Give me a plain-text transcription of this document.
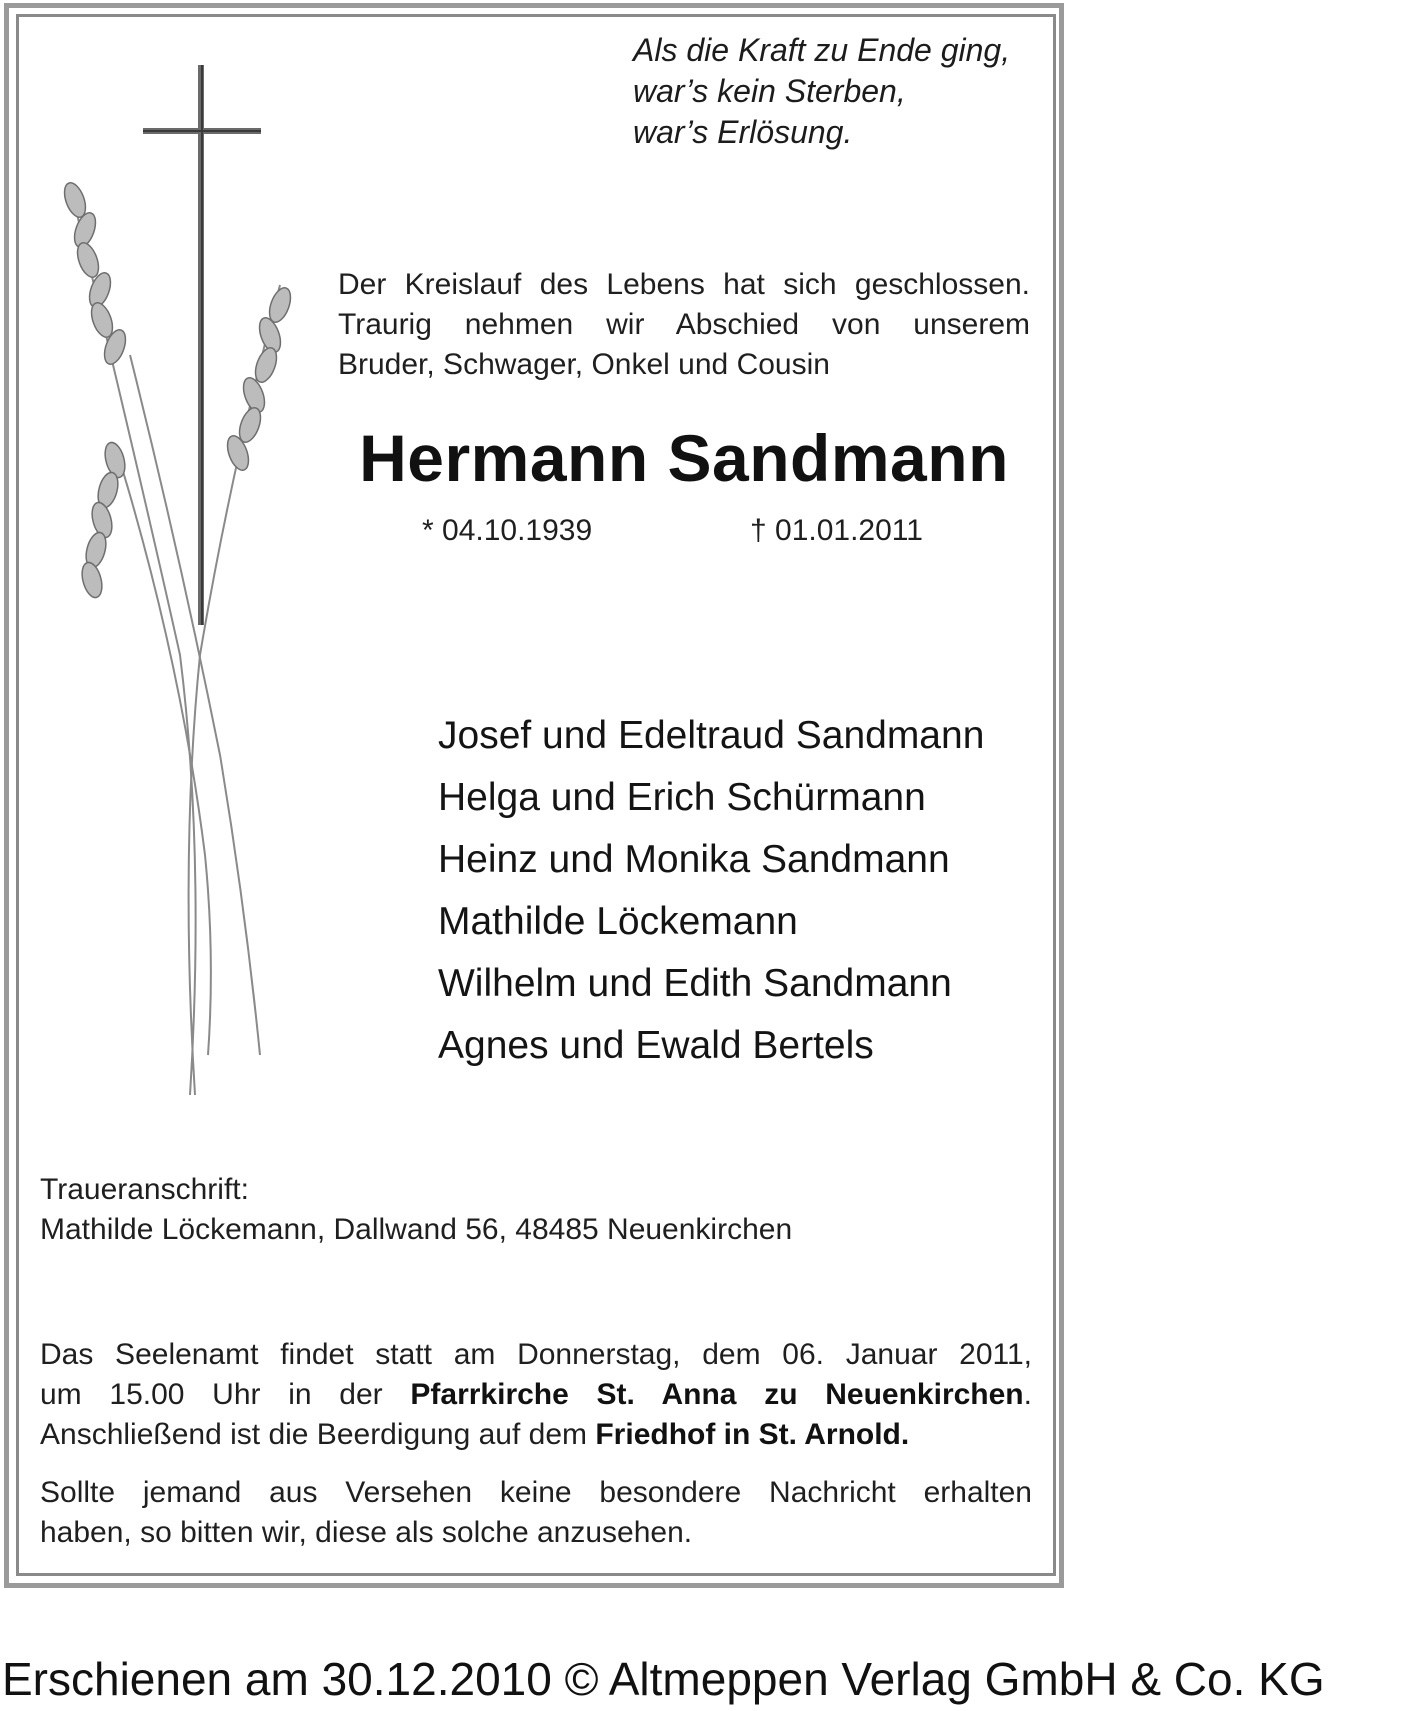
Als die Kraft zu Ende ging,
war’s kein Sterben,
war’s Erlösung.
Der Kreislauf des Lebens hat sich geschlossen.
Traurig nehmen wir Abschied von unserem
Bruder, Schwager, Onkel und Cousin
Hermann Sandmann
* 04.10.1939	† 01.01.2011
Josef und Edeltraud Sandmann
Helga und Erich Schürmann
Heinz und Monika Sandmann
Mathilde Löckemann
Wilhelm und Edith Sandmann
Agnes und Ewald Bertels
Traueranschrift:
Mathilde Löckemann, Dallwand 56, 48485 Neuenkirchen
Das Seelenamt findet statt am Donnerstag, dem 06. Januar 2011,
um 15.00 Uhr in der Pfarrkirche St. Anna zu Neuenkirchen.
Anschließend ist die Beerdigung auf dem Friedhof in St. Arnold.
Sollte jemand aus Versehen keine besondere Nachricht erhalten
haben, so bitten wir, diese als solche anzusehen.
Erschienen am 30.12.2010 © Altmeppen Verlag GmbH & Co. KG
